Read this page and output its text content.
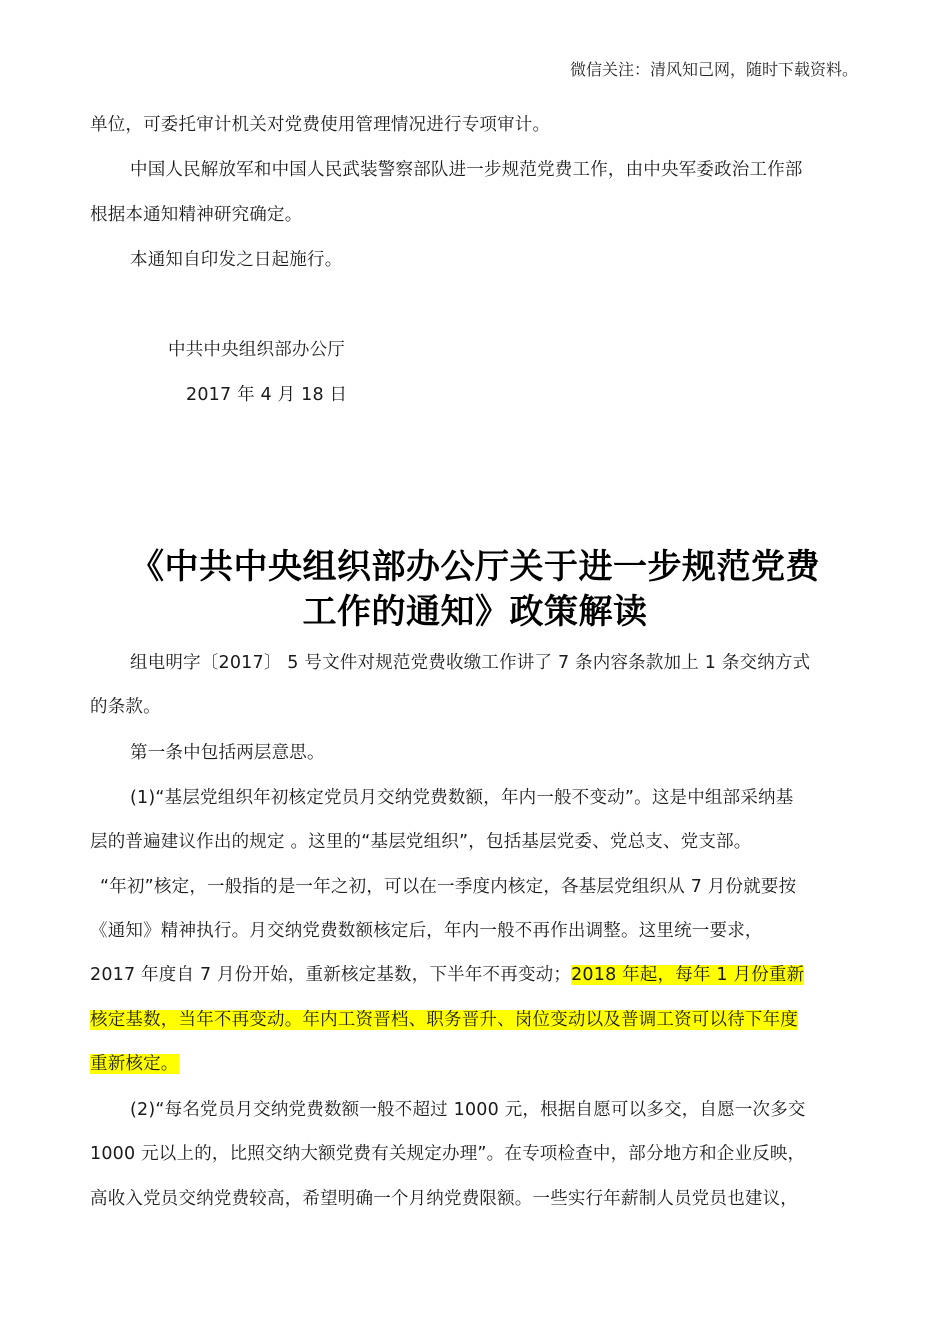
微信关注：清风知己网，随时下载资料。
单位，可委托审计机关对党费使用管理情况进行专项审计。
中国人民解放军和中国人民武装警察部队进一步规范党费工作，由中央军委政治工作部
根据本通知精神研究确定。
本通知自印发之日起施行。
中共中央组织部办公厅
2017 年 4 月 18 日
《中共中央组织部办公厅关于进一步规范党费
工作的通知》政策解读
组电明字〔2017〕 5 号文件对规范党费收缴工作讲了 7 条内容条款加上 1 条交纳方式
的条款。
第一条中包括两层意思。
(1)“基层党组织年初核定党员月交纳党费数额，年内一般不变动”。这是中组部采纳基
层的普遍建议作出的规定 。这里的“基层党组织”，包括基层党委、党总支、党支部。
“年初”核定，一般指的是一年之初，可以在一季度内核定，各基层党组织从 7 月份就要按
《通知》精神执行。月交纳党费数额核定后，年内一般不再作出调整。这里统一要求，
2017 年度自 7 月份开始，重新核定基数，下半年不再变动；2018 年起，每年 1 月份重新
核定基数，当年不再变动。年内工资晋档、职务晋升、岗位变动以及普调工资可以待下年度
重新核定。
(2)“每名党员月交纳党费数额一般不超过 1000 元，根据自愿可以多交，自愿一次多交
1000 元以上的，比照交纳大额党费有关规定办理”。在专项检查中，部分地方和企业反映，
高收入党员交纳党费较高，希望明确一个月纳党费限额。一些实行年薪制人员党员也建议，
